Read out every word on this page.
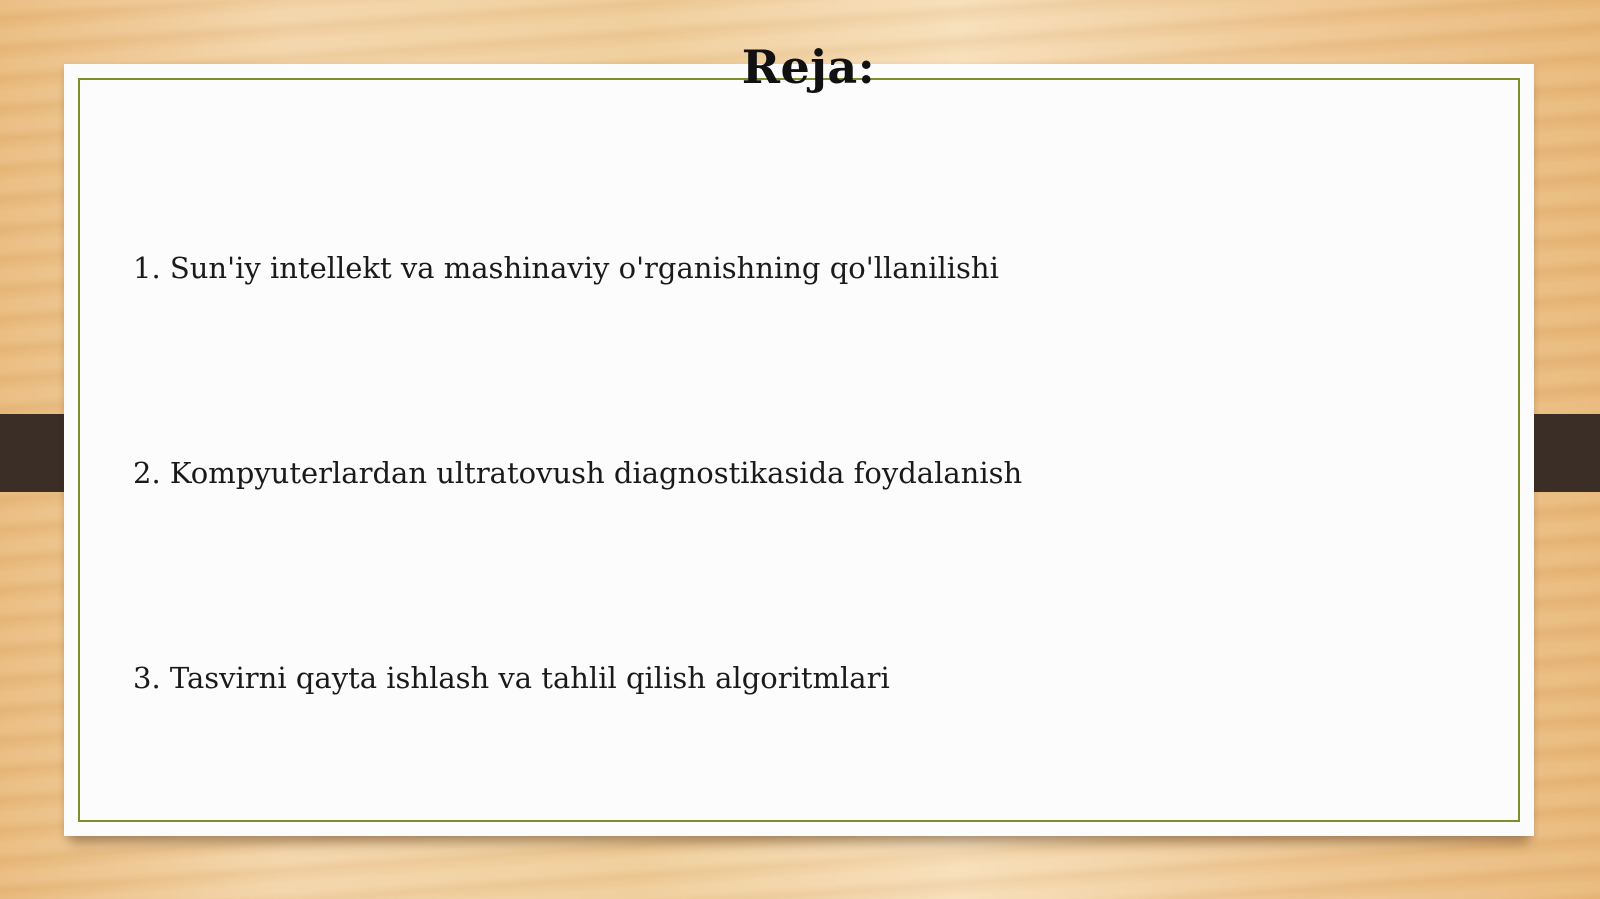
Reja:
1. Sun'iy intellekt va mashinaviy o'rganishning qo'llanilishi
2. Kompyuterlardan ultratovush diagnostikasida foydalanish
3. Tasvirni qayta ishlash va tahlil qilish algoritmlari
